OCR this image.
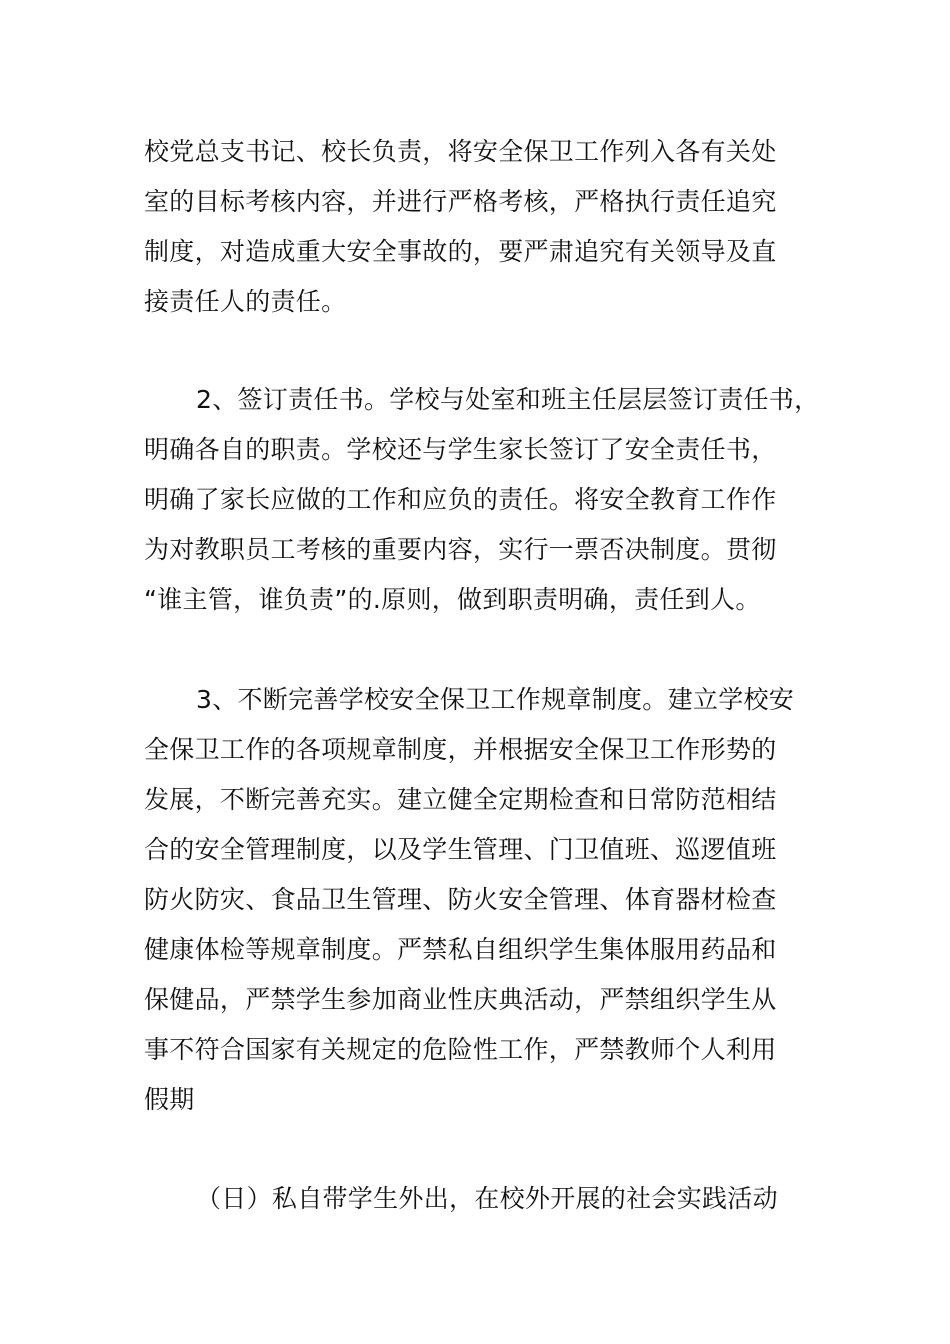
校党总支书记、校长负责，将安全保卫工作列入各有关处
室的目标考核内容，并进行严格考核，严格执行责任追究
制度，对造成重大安全事故的，要严肃追究有关领导及直
接责任人的责任。
2、签订责任书。学校与处室和班主任层层签订责任书，
明确各自的职责。学校还与学生家长签订了安全责任书，
明确了家长应做的工作和应负的责任。将安全教育工作作
为对教职员工考核的重要内容，实行一票否决制度。贯彻
“谁主管，谁负责”的.原则，做到职责明确，责任到人。
3、不断完善学校安全保卫工作规章制度。建立学校安
全保卫工作的各项规章制度，并根据安全保卫工作形势的
发展，不断完善充实。建立健全定期检查和日常防范相结
合的安全管理制度，以及学生管理、门卫值班、巡逻值班
防火防灾、食品卫生管理、防火安全管理、体育器材检查
健康体检等规章制度。严禁私自组织学生集体服用药品和
保健品，严禁学生参加商业性庆典活动，严禁组织学生从
事不符合国家有关规定的危险性工作，严禁教师个人利用
假期
（日）私自带学生外出，在校外开展的社会实践活动
